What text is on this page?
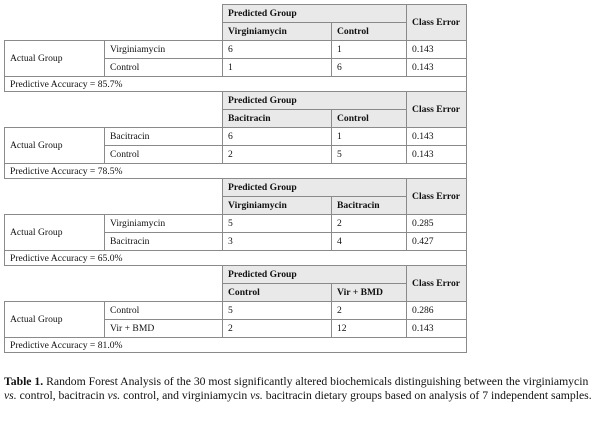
		Predicted Group		Class Error
		Virginiamycin	Control	
Actual Group	Virginiamycin	6	1	0.143
	Control	1	6	0.143
Predictive Accuracy = 85.7%				
		Predicted Group		Class Error
		Bacitracin	Control	
Actual Group	Bacitracin	6	1	0.143
	Control	2	5	0.143
Predictive Accuracy = 78.5%				
		Predicted Group		Class Error
		Virginiamycin	Bacitracin	
Actual Group	Virginiamycin	5	2	0.285
	Bacitracin	3	4	0.427
Predictive Accuracy = 65.0%				
		Predicted Group		Class Error
		Control	Vir + BMD	
Actual Group	Control	5	2	0.286
	Vir + BMD	2	12	0.143
Predictive Accuracy = 81.0%				
Table 1. Random Forest Analysis of the 30 most significantly altered biochemicals distinguishing between the virginiamycin vs. control, bacitracin vs. control, and virginiamycin vs. bacitracin dietary groups based on analysis of 7 independent samples.
